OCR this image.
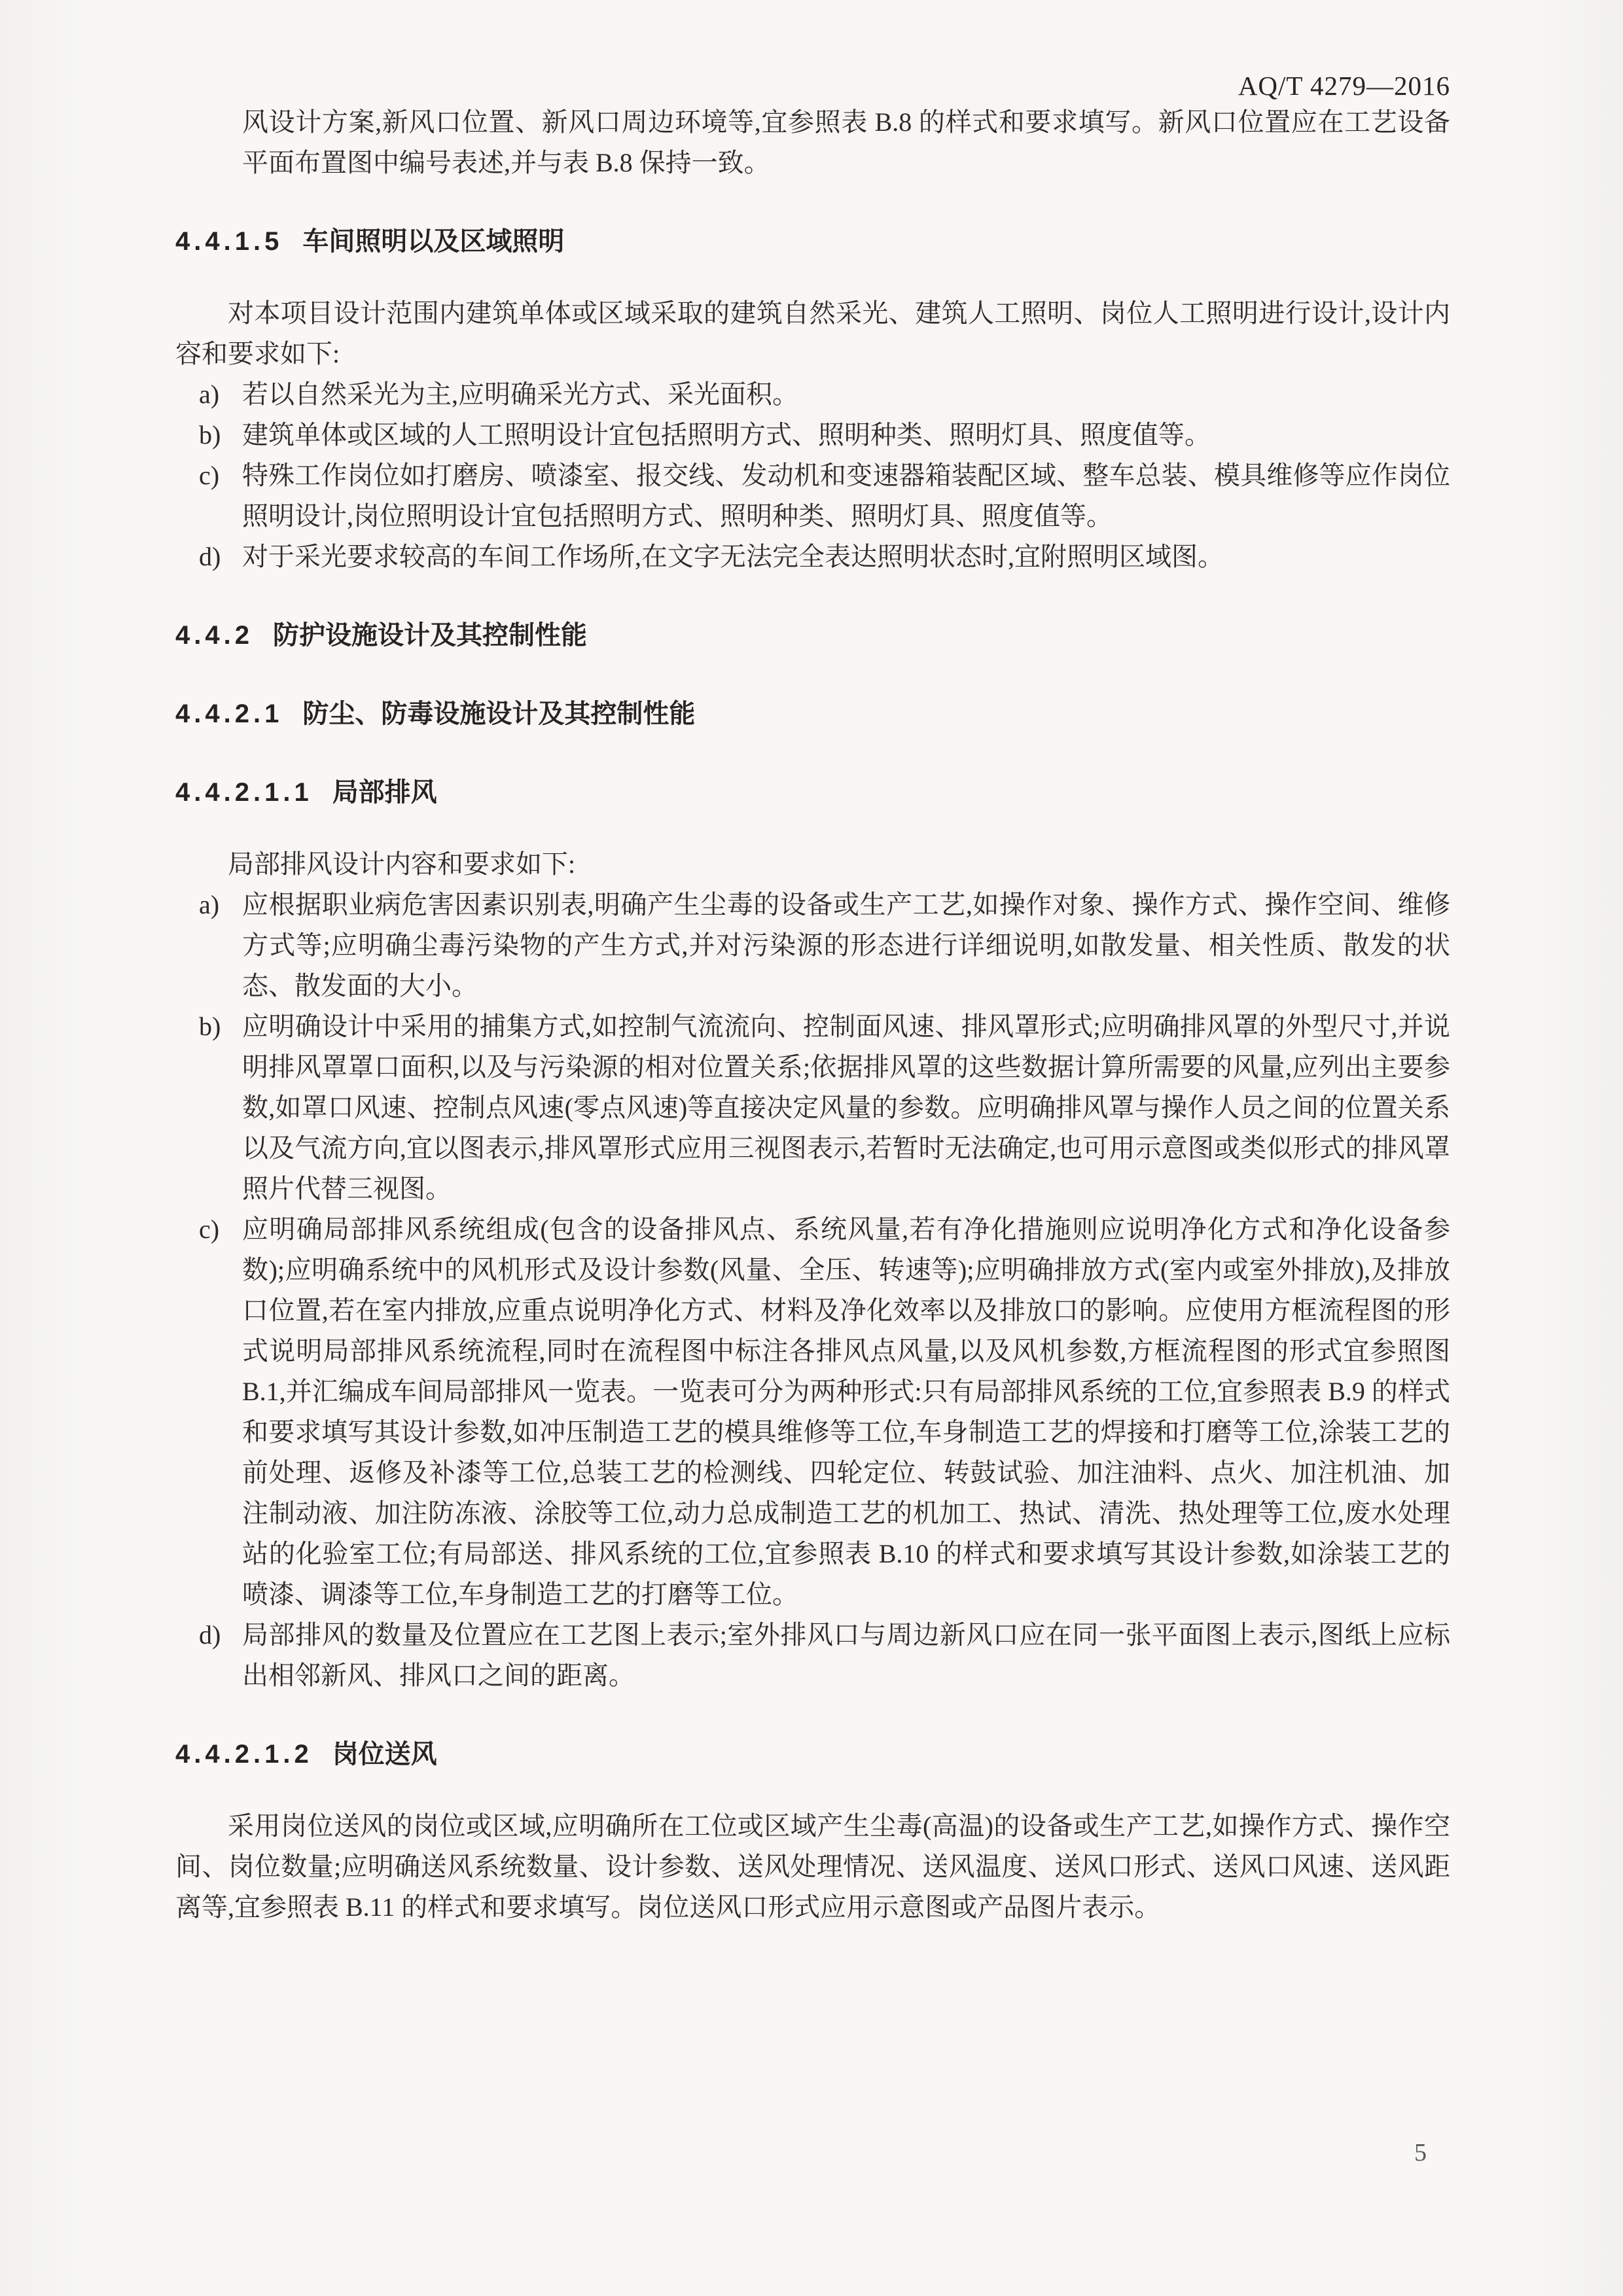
AQ/T 4279—2016

风设计方案,新风口位置、新风口周边环境等,宜参照表 B.8 的样式和要求填写。新风口位置应在工艺设备平面布置图中编号表述,并与表 B.8 保持一致。

4.4.1.5 车间照明以及区域照明

对本项目设计范围内建筑单体或区域采取的建筑自然采光、建筑人工照明、岗位人工照明进行设计,设计内容和要求如下:

a) 若以自然采光为主,应明确采光方式、采光面积。
b) 建筑单体或区域的人工照明设计宜包括照明方式、照明种类、照明灯具、照度值等。
c) 特殊工作岗位如打磨房、喷漆室、报交线、发动机和变速器箱装配区域、整车总装、模具维修等应作岗位照明设计,岗位照明设计宜包括照明方式、照明种类、照明灯具、照度值等。
d) 对于采光要求较高的车间工作场所,在文字无法完全表达照明状态时,宜附照明区域图。
4.4.2 防护设施设计及其控制性能
4.4.2.1 防尘、防毒设施设计及其控制性能
4.4.2.1.1 局部排风

局部排风设计内容和要求如下:

a) 应根据职业病危害因素识别表,明确产生尘毒的设备或生产工艺,如操作对象、操作方式、操作空间、维修方式等;应明确尘毒污染物的产生方式,并对污染源的形态进行详细说明,如散发量、相关性质、散发的状态、散发面的大小。
b) 应明确设计中采用的捕集方式,如控制气流流向、控制面风速、排风罩形式;应明确排风罩的外型尺寸,并说明排风罩罩口面积,以及与污染源的相对位置关系;依据排风罩的这些数据计算所需要的风量,应列出主要参数,如罩口风速、控制点风速(零点风速)等直接决定风量的参数。应明确排风罩与操作人员之间的位置关系以及气流方向,宜以图表示,排风罩形式应用三视图表示,若暂时无法确定,也可用示意图或类似形式的排风罩照片代替三视图。
c) 应明确局部排风系统组成(包含的设备排风点、系统风量,若有净化措施则应说明净化方式和净化设备参数);应明确系统中的风机形式及设计参数(风量、全压、转速等);应明确排放方式(室内或室外排放),及排放口位置,若在室内排放,应重点说明净化方式、材料及净化效率以及排放口的影响。应使用方框流程图的形式说明局部排风系统流程,同时在流程图中标注各排风点风量,以及风机参数,方框流程图的形式宜参照图 B.1,并汇编成车间局部排风一览表。一览表可分为两种形式:只有局部排风系统的工位,宜参照表 B.9 的样式和要求填写其设计参数,如冲压制造工艺的模具维修等工位,车身制造工艺的焊接和打磨等工位,涂装工艺的前处理、返修及补漆等工位,总装工艺的检测线、四轮定位、转鼓试验、加注油料、点火、加注机油、加注制动液、加注防冻液、涂胶等工位,动力总成制造工艺的机加工、热试、清洗、热处理等工位,废水处理站的化验室工位;有局部送、排风系统的工位,宜参照表 B.10 的样式和要求填写其设计参数,如涂装工艺的喷漆、调漆等工位,车身制造工艺的打磨等工位。
d) 局部排风的数量及位置应在工艺图上表示;室外排风口与周边新风口应在同一张平面图上表示,图纸上应标出相邻新风、排风口之间的距离。
4.4.2.1.2 岗位送风

采用岗位送风的岗位或区域,应明确所在工位或区域产生尘毒(高温)的设备或生产工艺,如操作方式、操作空间、岗位数量;应明确送风系统数量、设计参数、送风处理情况、送风温度、送风口形式、送风口风速、送风距离等,宜参照表 B.11 的样式和要求填写。岗位送风口形式应用示意图或产品图片表示。

5
